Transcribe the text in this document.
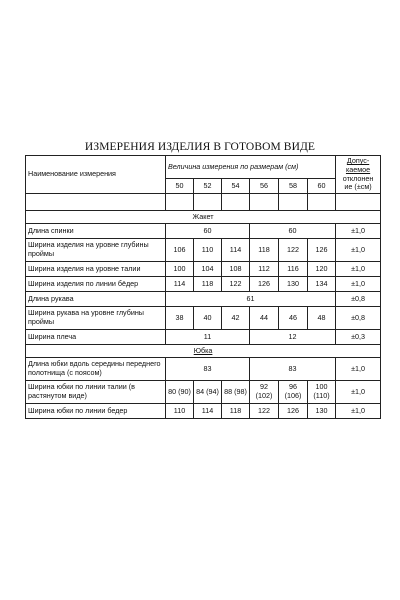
ИЗМЕРЕНИЯ ИЗДЕЛИЯ В ГОТОВОМ ВИДЕ
Наименование измерения	Величина измерения по размерам (см)						Допус-
каемое
отклонен
ие (±см)

	50	52	54	56	58	60	

Жакет							
Длина спинки	60			60			±1,0
Ширина изделия на уровне глубины проймы	106	110	114	118	122	126	±1,0
Ширина изделия на уровне талии	100	104	108	112	116	120	±1,0
Ширина изделия по линии бёдер	114	118	122	126	130	134	±1,0
Длина рукава	61						±0,8
Ширина рукава на уровне глубины проймы	38	40	42	44	46	48	±0,8
Ширина плеча	11			12			±0,3
Юбка							
Длина юбки вдоль середины переднего полотнища (с поясом)	83			83			±1,0
Ширина юбки по линии талии (в растянутом виде)	80 (90)	84 (94)	88 (98)	92 (102)	96 (106)	100 (110)	±1,0
Ширина юбки по линии бедер	110	114	118	122	126	130	±1,0
